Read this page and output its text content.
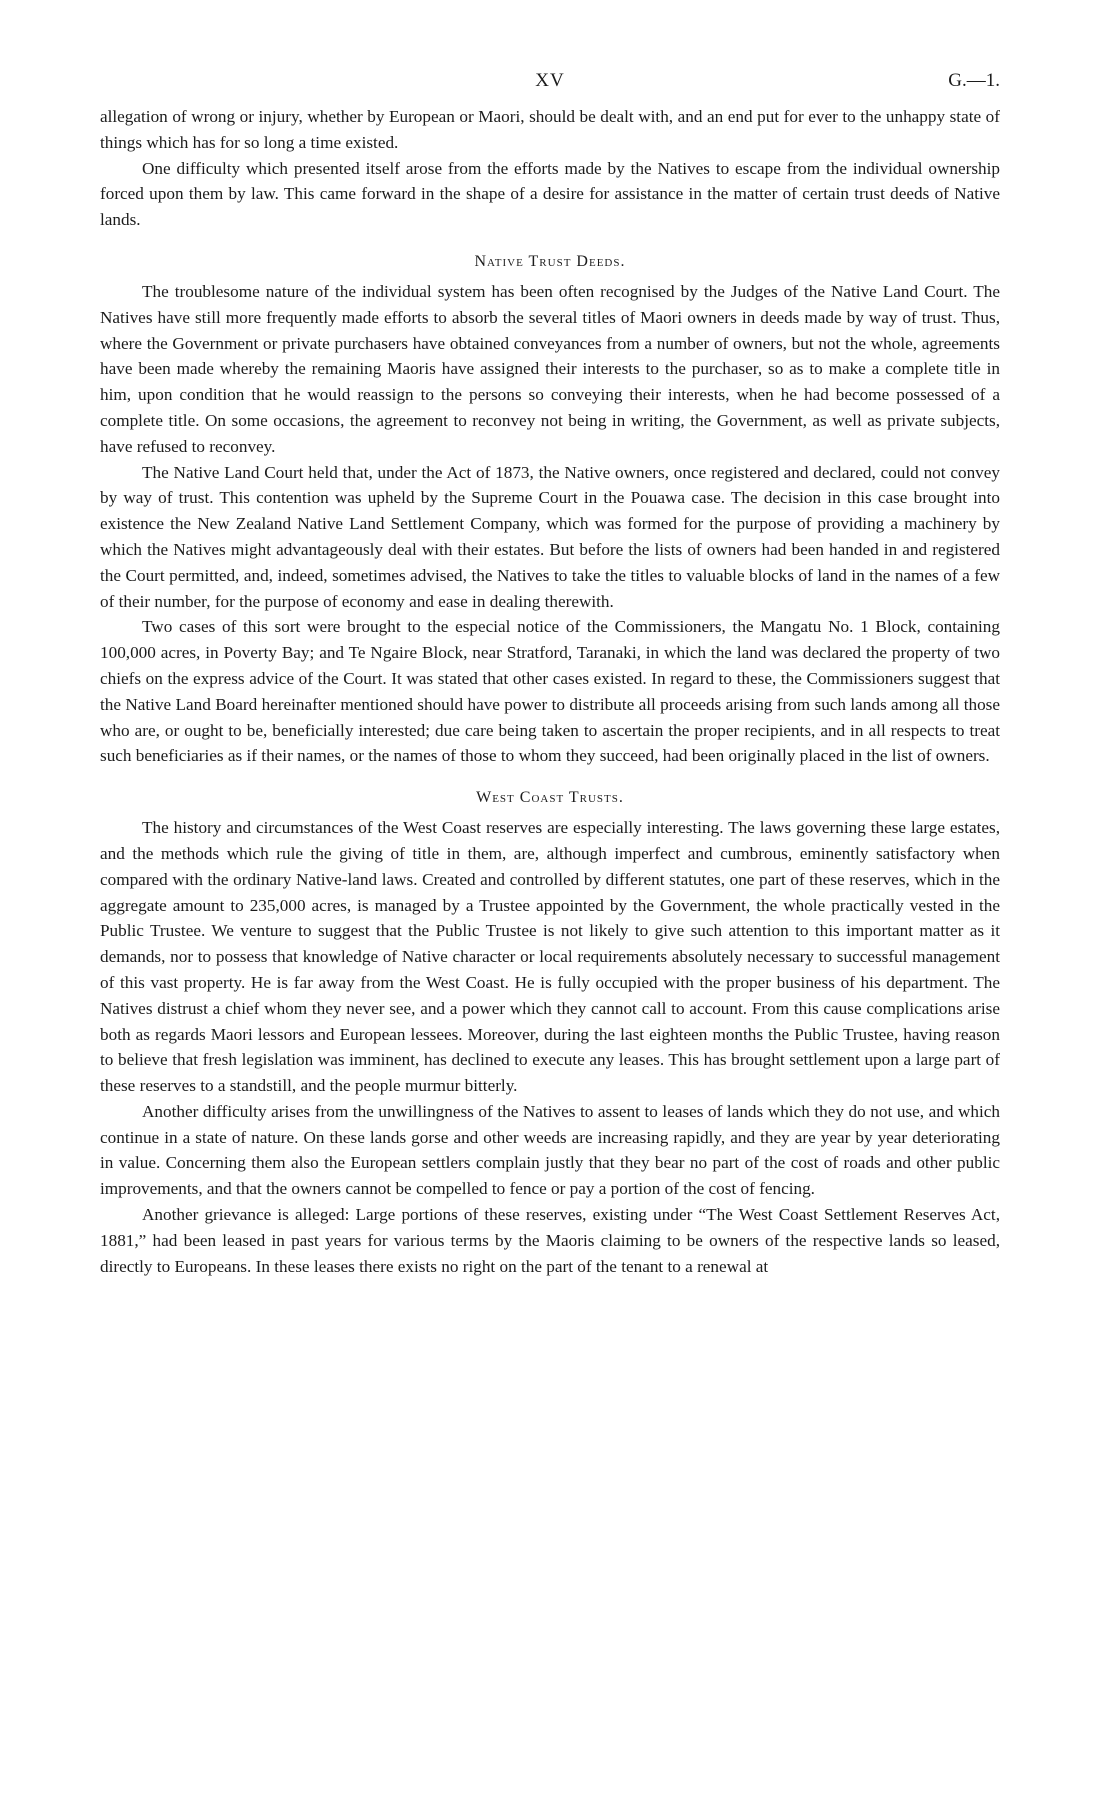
XV	G.—1.

allegation of wrong or injury, whether by European or Maori, should be dealt with, and an end put for ever to the unhappy state of things which has for so long a time existed.

One difficulty which presented itself arose from the efforts made by the Natives to escape from the individual ownership forced upon them by law. This came forward in the shape of a desire for assistance in the matter of certain trust deeds of Native lands.

Native Trust Deeds.

The troublesome nature of the individual system has been often recognised by the Judges of the Native Land Court. The Natives have still more frequently made efforts to absorb the several titles of Maori owners in deeds made by way of trust. Thus, where the Government or private purchasers have obtained conveyances from a number of owners, but not the whole, agreements have been made whereby the remaining Maoris have assigned their interests to the purchaser, so as to make a complete title in him, upon condition that he would reassign to the persons so conveying their interests, when he had become possessed of a complete title. On some occasions, the agreement to reconvey not being in writing, the Government, as well as private subjects, have refused to reconvey.

The Native Land Court held that, under the Act of 1873, the Native owners, once registered and declared, could not convey by way of trust. This contention was upheld by the Supreme Court in the Pouawa case. The decision in this case brought into existence the New Zealand Native Land Settlement Company, which was formed for the purpose of providing a machinery by which the Natives might advantageously deal with their estates. But before the lists of owners had been handed in and registered the Court permitted, and, indeed, sometimes advised, the Natives to take the titles to valuable blocks of land in the names of a few of their number, for the purpose of economy and ease in dealing therewith.

Two cases of this sort were brought to the especial notice of the Commissioners, the Mangatu No. 1 Block, containing 100,000 acres, in Poverty Bay; and Te Ngaire Block, near Stratford, Taranaki, in which the land was declared the property of two chiefs on the express advice of the Court. It was stated that other cases existed. In regard to these, the Commissioners suggest that the Native Land Board hereinafter mentioned should have power to distribute all proceeds arising from such lands among all those who are, or ought to be, beneficially interested; due care being taken to ascertain the proper recipients, and in all respects to treat such beneficiaries as if their names, or the names of those to whom they succeed, had been originally placed in the list of owners.

West Coast Trusts.

The history and circumstances of the West Coast reserves are especially interesting. The laws governing these large estates, and the methods which rule the giving of title in them, are, although imperfect and cumbrous, eminently satisfactory when compared with the ordinary Native-land laws. Created and controlled by different statutes, one part of these reserves, which in the aggregate amount to 235,000 acres, is managed by a Trustee appointed by the Government, the whole practically vested in the Public Trustee. We venture to suggest that the Public Trustee is not likely to give such attention to this important matter as it demands, nor to possess that knowledge of Native character or local requirements absolutely necessary to successful management of this vast property. He is far away from the West Coast. He is fully occupied with the proper business of his department. The Natives distrust a chief whom they never see, and a power which they cannot call to account. From this cause complications arise both as regards Maori lessors and European lessees. Moreover, during the last eighteen months the Public Trustee, having reason to believe that fresh legislation was imminent, has declined to execute any leases. This has brought settlement upon a large part of these reserves to a standstill, and the people murmur bitterly.

Another difficulty arises from the unwillingness of the Natives to assent to leases of lands which they do not use, and which continue in a state of nature. On these lands gorse and other weeds are increasing rapidly, and they are year by year deteriorating in value. Concerning them also the European settlers complain justly that they bear no part of the cost of roads and other public improvements, and that the owners cannot be compelled to fence or pay a portion of the cost of fencing.

Another grievance is alleged: Large portions of these reserves, existing under “The West Coast Settlement Reserves Act, 1881,” had been leased in past years for various terms by the Maoris claiming to be owners of the respective lands so leased, directly to Europeans. In these leases there exists no right on the part of the tenant to a renewal at
